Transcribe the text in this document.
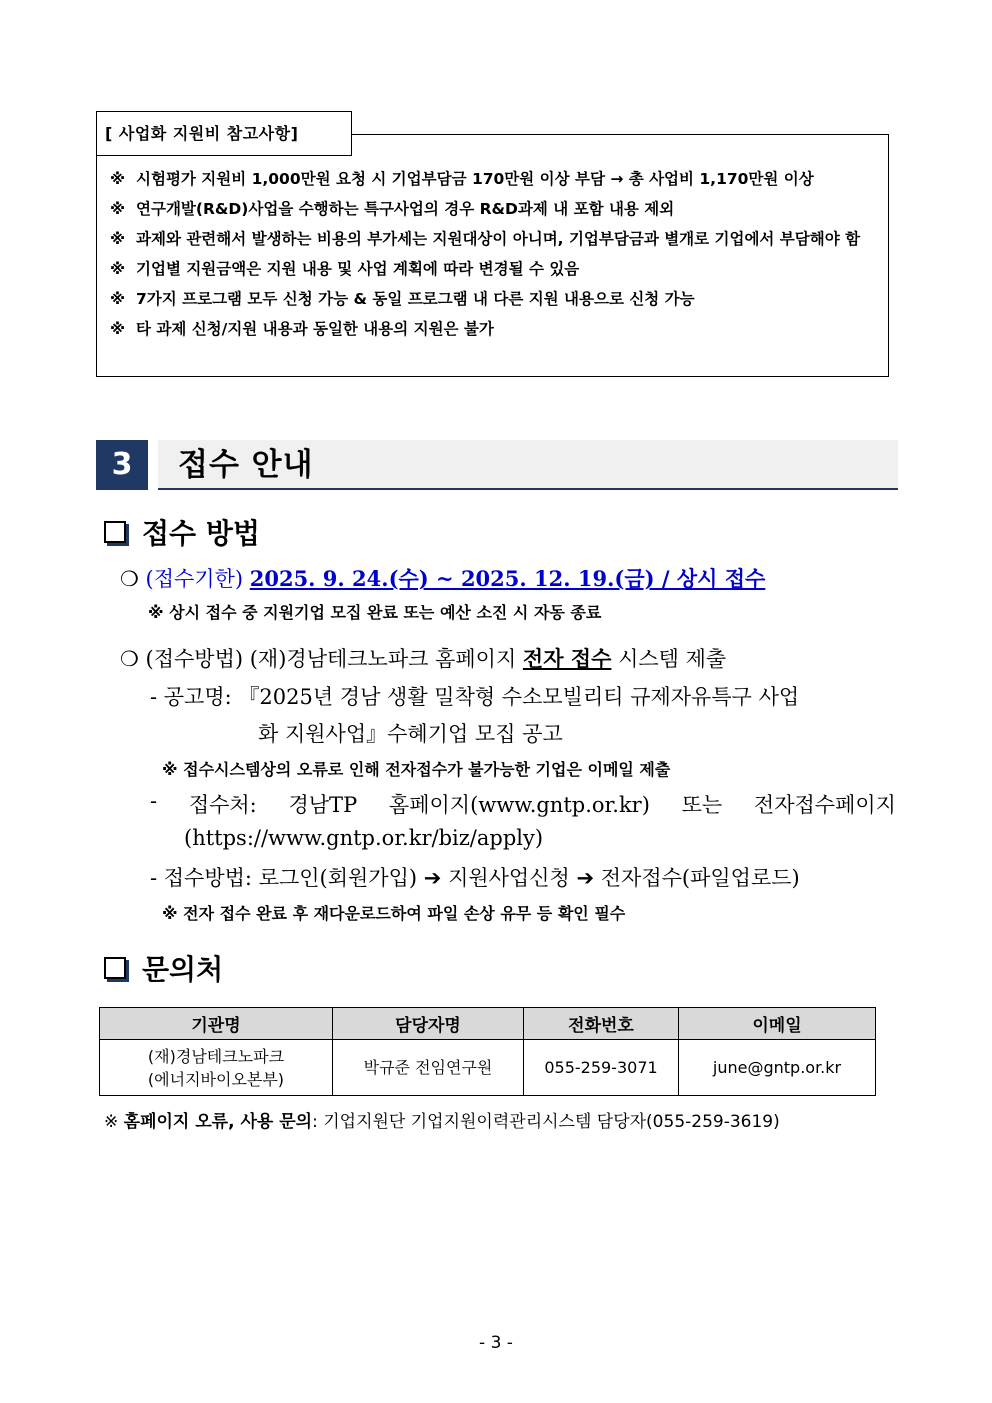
[ 사업화 지원비 참고사항]
※ 시험평가 지원비 1,000만원 요청 시 기업부담금 170만원 이상 부담 → 총 사업비 1,170만원 이상
※ 연구개발(R&D)사업을 수행하는 특구사업의 경우 R&D과제 내 포함 내용 제외
※ 과제와 관련해서 발생하는 비용의 부가세는 지원대상이 아니며, 기업부담금과 별개로 기업에서 부담해야 함
※ 기업별 지원금액은 지원 내용 및 사업 계획에 따라 변경될 수 있음
※ 7가지 프로그램 모두 신청 가능 & 동일 프로그램 내 다른 지원 내용으로 신청 가능
※ 타 과제 신청/지원 내용과 동일한 내용의 지원은 불가
3	접수 안내
접수 방법
❍ (접수기한) 2025. 9. 24.(수) ~ 2025. 12. 19.(금) / 상시 접수
※ 상시 접수 중 지원기업 모집 완료 또는 예산 소진 시 자동 종료
❍ (접수방법) (재)경남테크노파크 홈페이지 전자 접수 시스템 제출
- 공고명: 『2025년 경남 생활 밀착형 수소모빌리티 규제자유특구 사업
화 지원사업』수혜기업 모집 공고
※ 접수시스템상의 오류로 인해 전자접수가 불가능한 기업은 이메일 제출
- 접수처: 경남TP 홈페이지(www.gntp.or.kr) 또는 전자접수페이지
(https://www.gntp.or.kr/biz/apply)
- 접수방법: 로그인(회원가입) ➔ 지원사업신청 ➔ 전자접수(파일업로드)
※ 전자 접수 완료 후 재다운로드하여 파일 손상 유무 등 확인 필수
문의처
기관명	담당자명	전화번호	이메일

(재)경남테크노파크
(에너지바이오본부)	박규준 전임연구원	055-259-3071	june@gntp.or.kr
※ 홈페이지 오류, 사용 문의: 기업지원단 기업지원이력관리시스템 담당자(055-259-3619)
- 3 -
